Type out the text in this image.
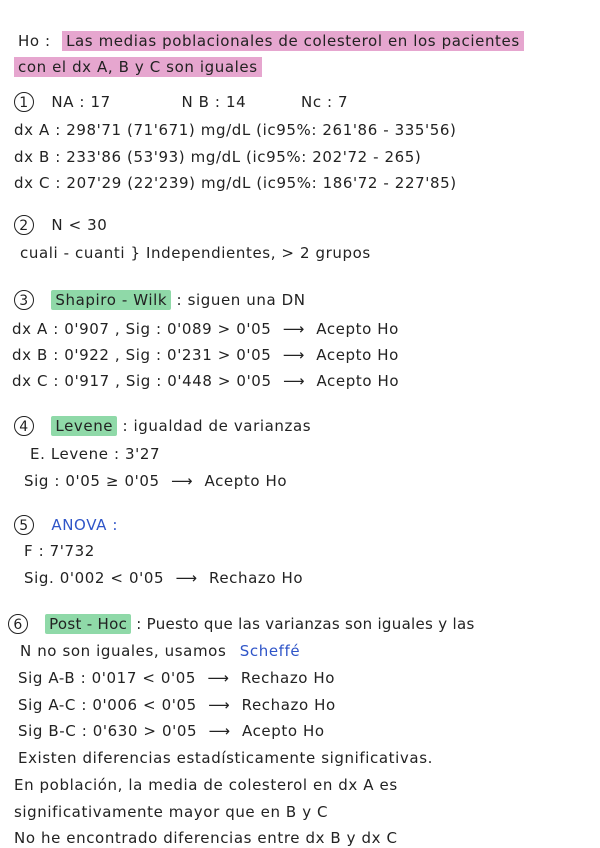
Ho : Las medias poblacionales de colesterol en los pacientes
con el dx A, B y C son iguales
1 NA : 17	N B : 14	Nc : 7
dx A : 298'71 (71'671) mg/dL (ic95%: 261'86 - 335'56)
dx B : 233'86 (53'93) mg/dL (ic95%: 202'72 - 265)
dx C : 207'29 (22'239) mg/dL (ic95%: 186'72 - 227'85)
2 N < 30
cuali - cuanti } Independientes, > 2 grupos
3 Shapiro - Wilk : siguen una DN
dx A : 0'907 , Sig : 0'089 > 0'05 ⟶ Acepto Ho
dx B : 0'922 , Sig : 0'231 > 0'05 ⟶ Acepto Ho
dx C : 0'917 , Sig : 0'448 > 0'05 ⟶ Acepto Ho
4 Levene : igualdad de varianzas
E. Levene : 3'27
Sig : 0'05 ≥ 0'05 ⟶ Acepto Ho
5 ANOVA :
F : 7'732
Sig. 0'002 < 0'05 ⟶ Rechazo Ho
6 Post - Hoc : Puesto que las varianzas son iguales y las
N no son iguales, usamos Scheffé
Sig A-B : 0'017 < 0'05 ⟶ Rechazo Ho
Sig A-C : 0'006 < 0'05 ⟶ Rechazo Ho
Sig B-C : 0'630 > 0'05 ⟶ Acepto Ho
Existen diferencias estadísticamente significativas.
En población, la media de colesterol en dx A es
significativamente mayor que en B y C
No he encontrado diferencias entre dx B y dx C
